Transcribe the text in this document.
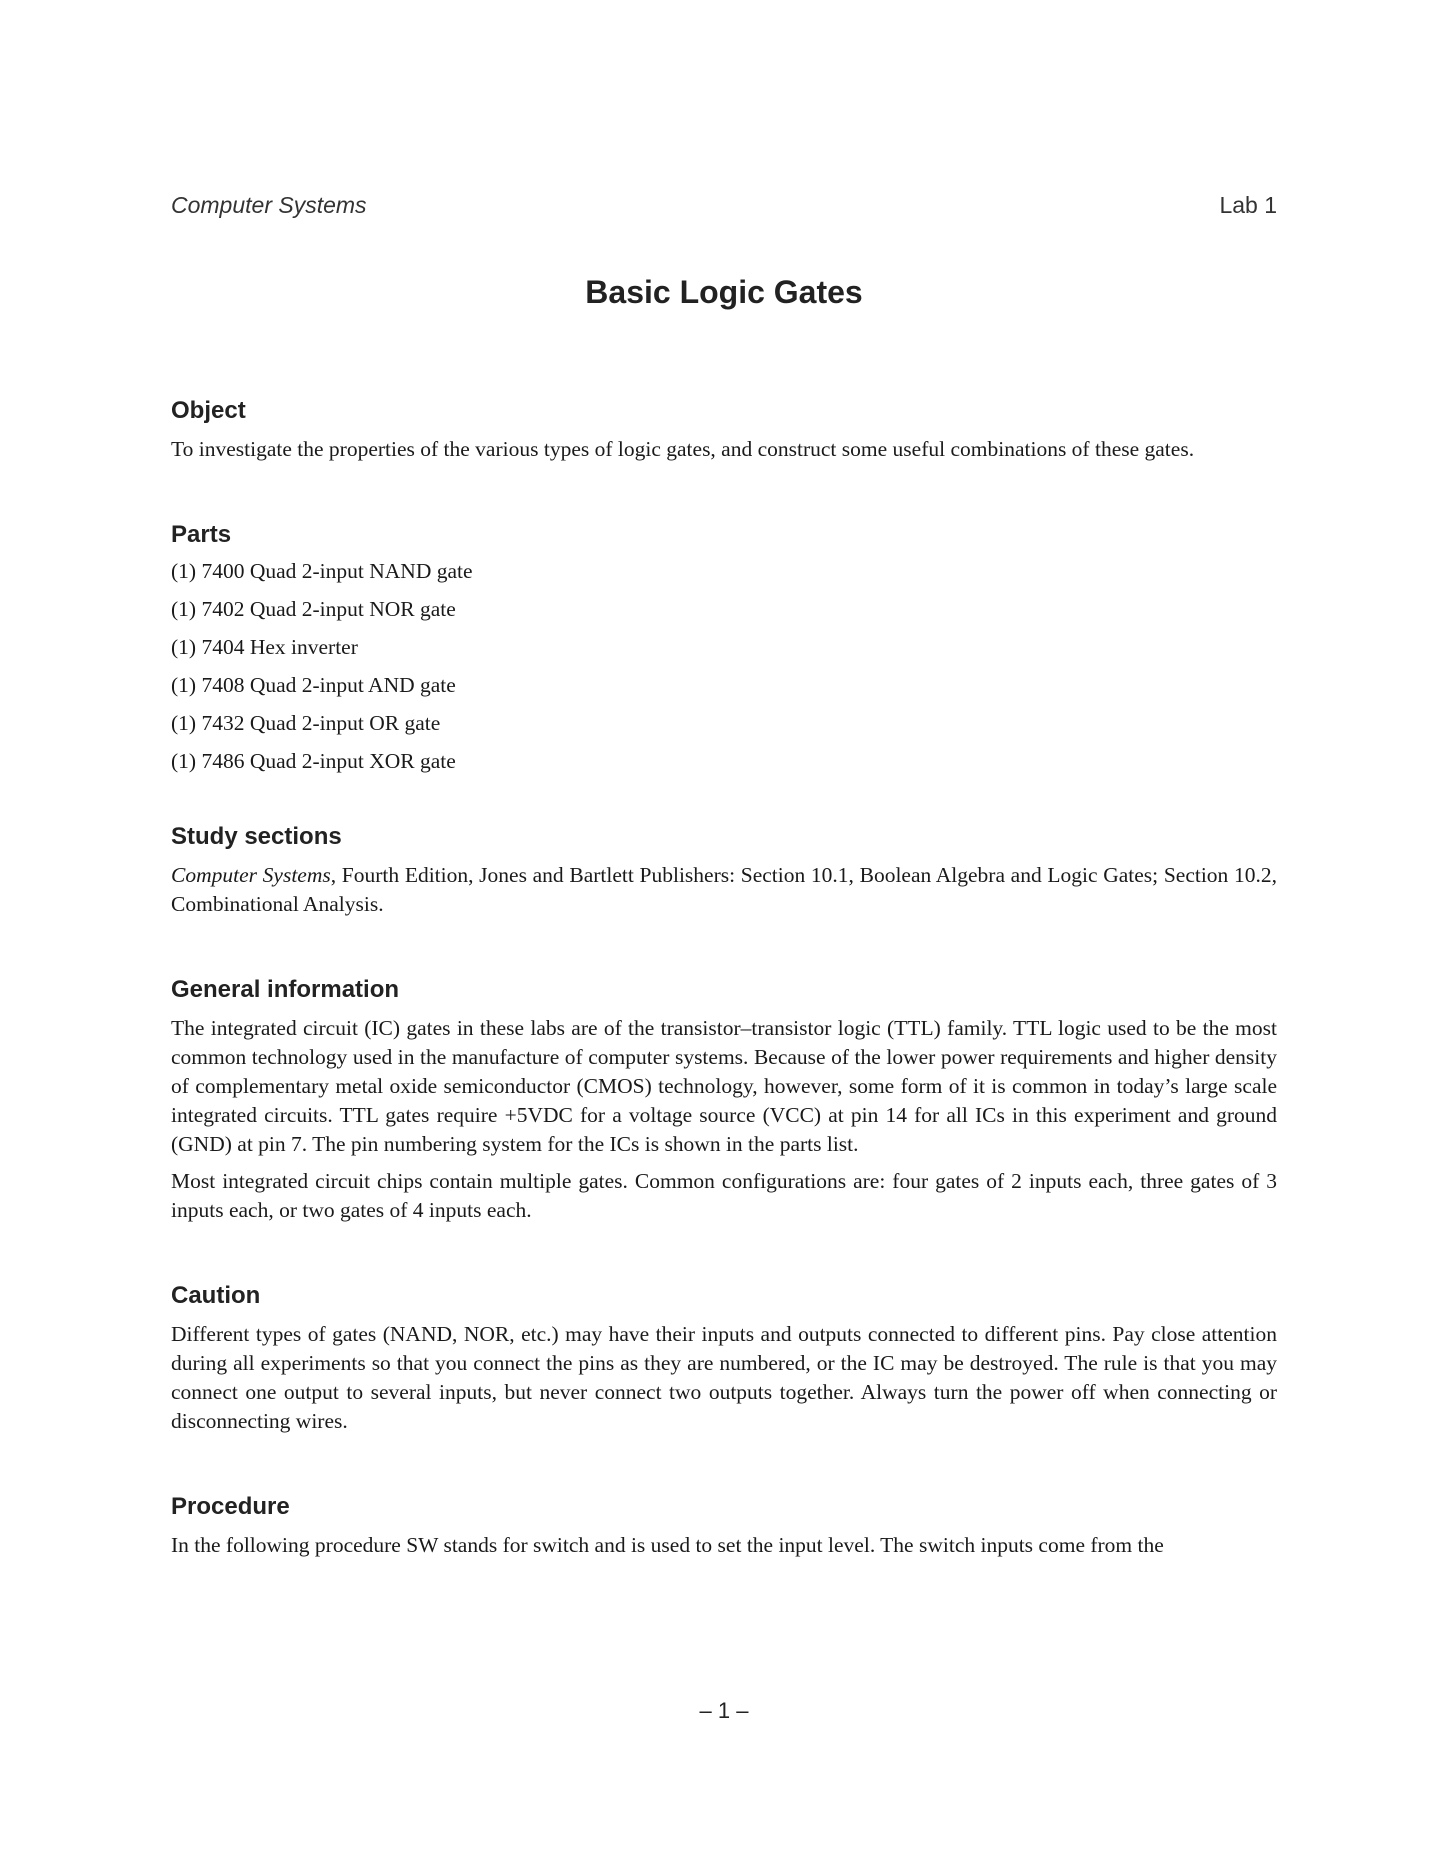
Computer Systems	Lab 1
Basic Logic Gates
Object

To investigate the properties of the various types of logic gates, and construct some useful combinations of these gates.

Parts
(1) 7400 Quad 2-input NAND gate
(1) 7402 Quad 2-input NOR gate
(1) 7404 Hex inverter
(1) 7408 Quad 2-input AND gate
(1) 7432 Quad 2-input OR gate
(1) 7486 Quad 2-input XOR gate
Study sections

Computer Systems, Fourth Edition, Jones and Bartlett Publishers: Section 10.1, Boolean Algebra and Logic Gates; Section 10.2, Combinational Analysis.

General information

The integrated circuit (IC) gates in these labs are of the transistor–transistor logic (TTL) family. TTL logic used to be the most common technology used in the manufacture of computer systems. Because of the lower power requirements and higher density of complementary metal oxide semiconductor (CMOS) technology, however, some form of it is common in today’s large scale integrated circuits. TTL gates require +5VDC for a voltage source (VCC) at pin 14 for all ICs in this experiment and ground (GND) at pin 7. The pin numbering system for the ICs is shown in the parts list.

Most integrated circuit chips contain multiple gates. Common configurations are: four gates of 2 inputs each, three gates of 3 inputs each, or two gates of 4 inputs each.

Caution

Different types of gates (NAND, NOR, etc.) may have their inputs and outputs connected to different pins. Pay close attention during all experiments so that you connect the pins as they are numbered, or the IC may be destroyed. The rule is that you may connect one output to several inputs, but never connect two outputs together. Always turn the power off when connecting or disconnecting wires.

Procedure

In the following procedure SW stands for switch and is used to set the input level. The switch inputs come from the

– 1 –
